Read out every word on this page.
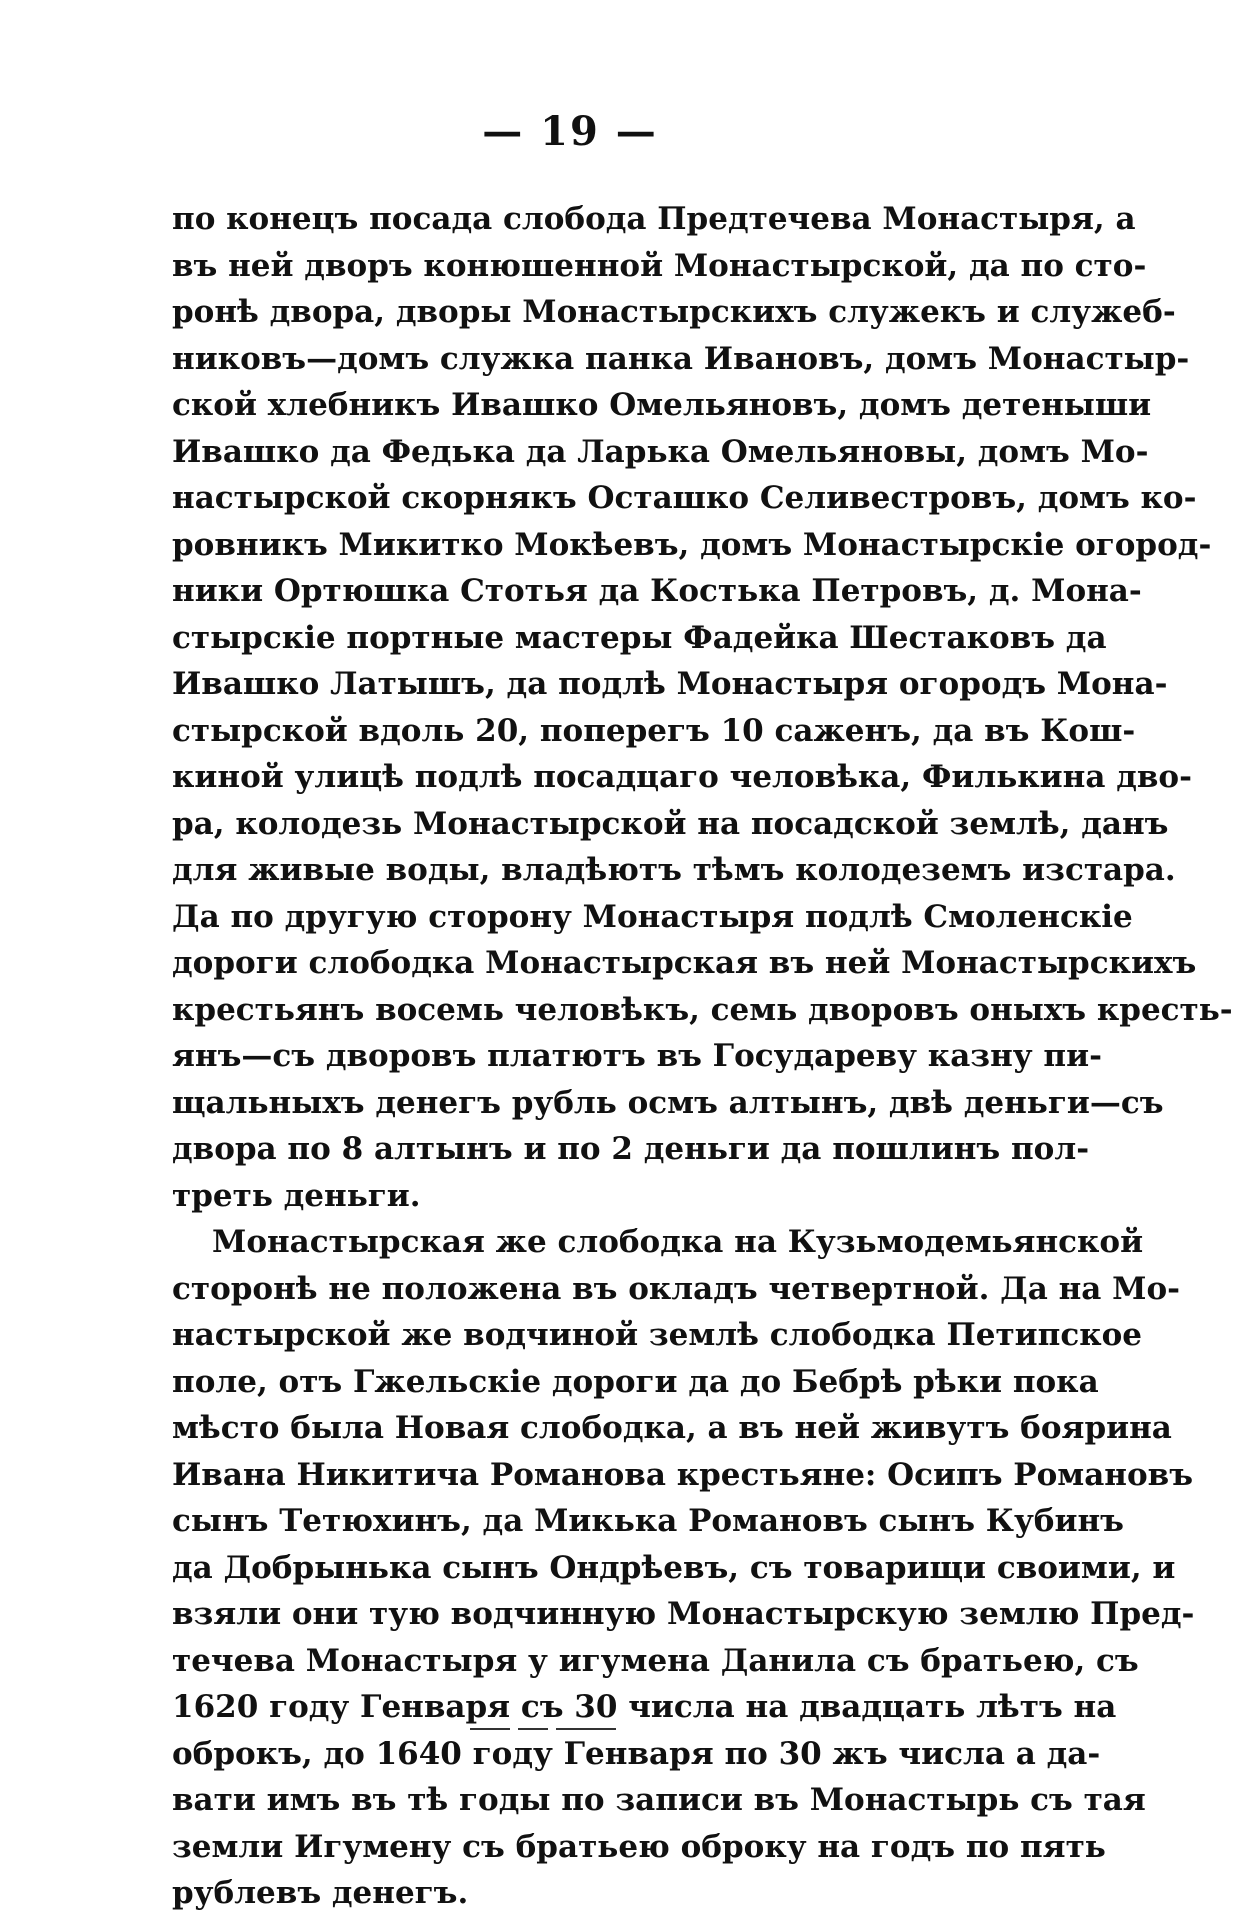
— 19 —
по конецъ посада слобода Предтечева Монастыря, а
въ ней дворъ конюшенной Монастырской, да по сто-
ронѣ двора, дворы Монастырскихъ служекъ и служеб-
никовъ—домъ служка панка Ивановъ, домъ Монастыр-
ской хлебникъ Ивашко Омельяновъ, домъ детеныши
Ивашко да Федька да Ларька Омельяновы, домъ Мо-
настырской скорнякъ Осташко Селивестровъ, домъ ко-
ровникъ Микитко Мокѣевъ, домъ Монастырскіе огород-
ники Ортюшка Стотья да Костька Петровъ, д. Мона-
стырскіе портные мастеры Фадейка Шестаковъ да
Ивашко Латышъ, да подлѣ Монастыря огородъ Мона-
стырской вдоль 20, поперегъ 10 саженъ, да въ Кош-
киной улицѣ подлѣ посадцаго человѣка, Филькина дво-
ра, колодезь Монастырской на посадской землѣ, данъ
для живые воды, владѣютъ тѣмъ колодеземъ изстара.
Да по другую сторону Монастыря подлѣ Смоленскіе
дороги слободка Монастырская въ ней Монастырскихъ
крестьянъ восемь человѣкъ, семь дворовъ оныхъ кресть-
янъ—съ дворовъ платютъ въ Государеву казну пи-
щальныхъ денегъ рубль осмъ алтынъ, двѣ деньги—съ
двора по 8 алтынъ и по 2 деньги да пошлинъ пол-
треть деньги.
Монастырская же слободка на Кузьмодемьянской
сторонѣ не положена въ окладъ четвертной. Да на Мо-
настырской же водчиной землѣ слободка Петипское
поле, отъ Гжельскіе дороги да до Бебрѣ рѣки пока
мѣсто была Новая слободка, а въ ней живутъ боярина
Ивана Никитича Романова крестьяне: Осипъ Романовъ
сынъ Тетюхинъ, да Микька Романовъ сынъ Кубинъ
да Добрынька сынъ Ондрѣевъ, съ товарищи своими, и
взяли они тую водчинную Монастырскую землю Пред-
течева Монастыря у игумена Данила съ братьею, съ
1620 году Генваря съ 30 числа на двадцать лѣтъ на
оброкъ, до 1640 году Генваря по 30 жъ числа а да-
вати имъ въ тѣ годы по записи въ Монастырь съ тая
земли Игумену съ братьею оброку на годъ по пять
рублевъ денегъ.
